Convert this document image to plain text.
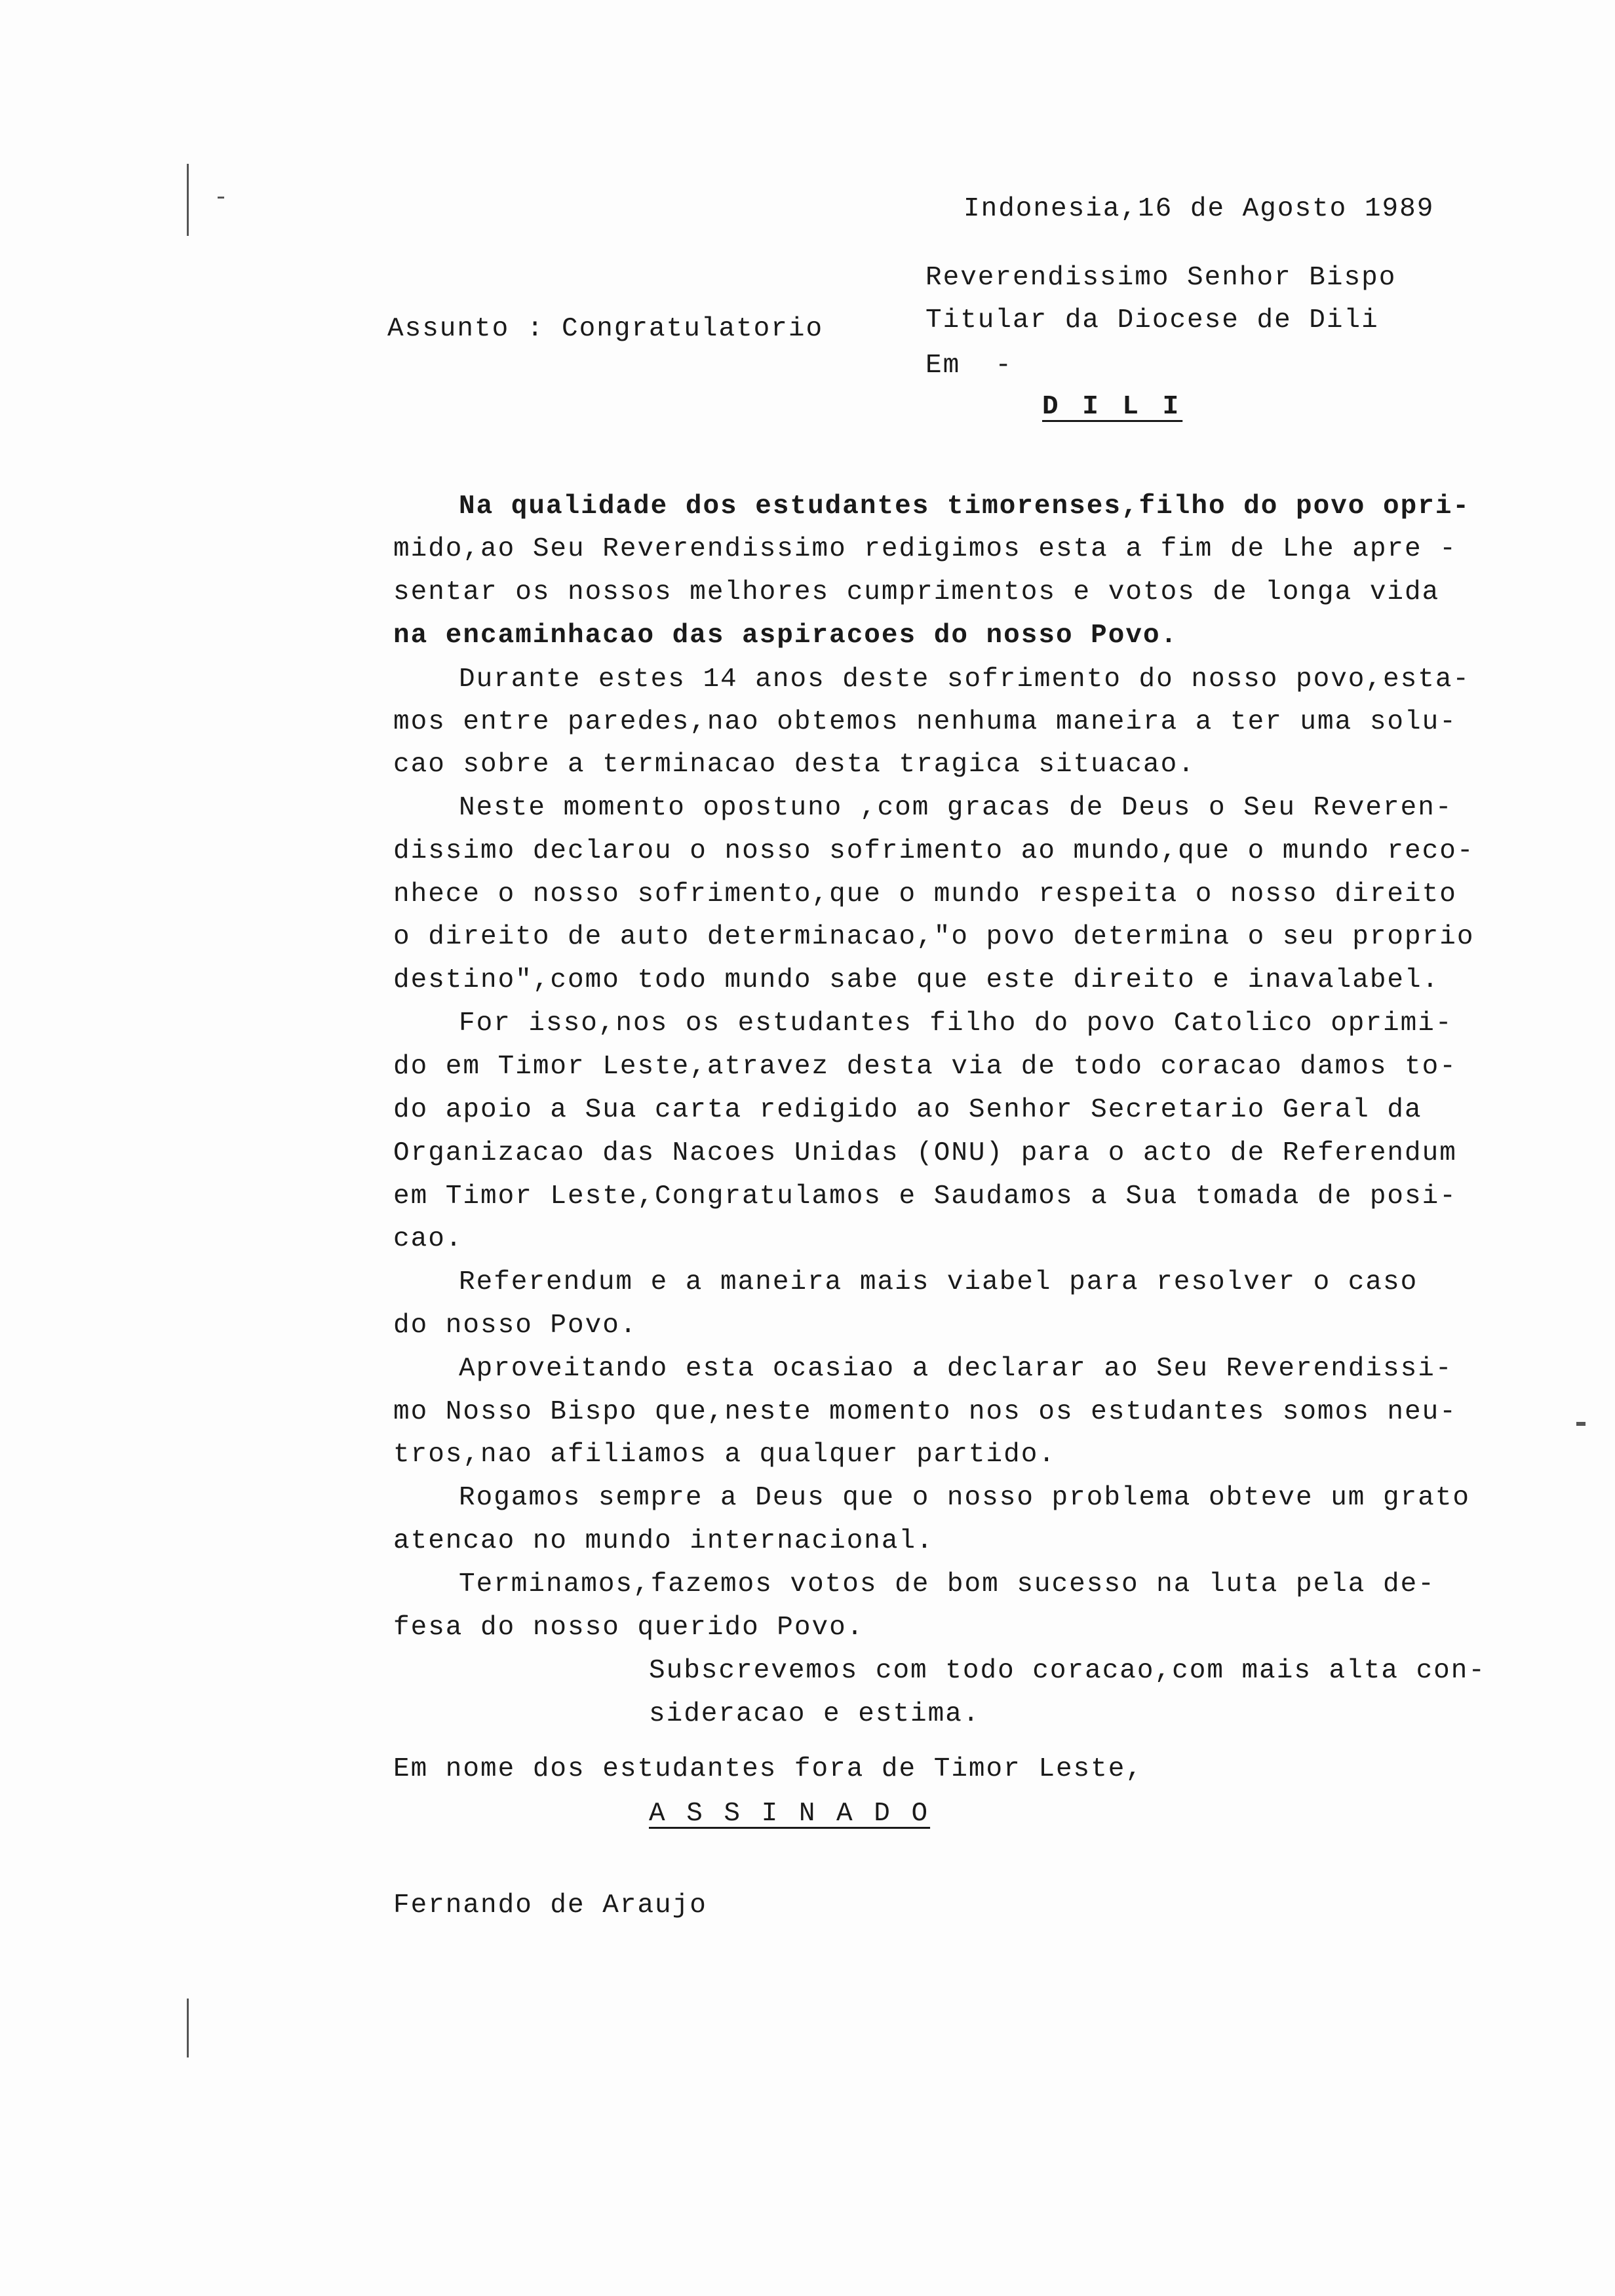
Indonesia,16 de Agosto 1989
Reverendissimo Senhor Bispo
Titular da Diocese de Dili
Em  -
D I L I
Assunto : Congratulatorio
Na qualidade dos estudantes timorenses,filho do povo opri-
mido,ao Seu Reverendissimo redigimos esta a fim de Lhe apre -
sentar os nossos melhores cumprimentos e votos de longa vida
na encaminhacao das aspiracoes do nosso Povo.
Durante estes 14 anos deste sofrimento do nosso povo,esta-
mos entre paredes,nao obtemos nenhuma maneira a ter uma solu-
cao sobre a terminacao desta tragica situacao.
Neste momento opostuno ,com gracas de Deus o Seu Reveren-
dissimo declarou o nosso sofrimento ao mundo,que o mundo reco-
nhece o nosso sofrimento,que o mundo respeita o nosso direito
o direito de auto determinacao,"o povo determina o seu proprio
destino",como todo mundo sabe que este direito e inavalabel.
For isso,nos os estudantes filho do povo Catolico oprimi-
do em Timor Leste,atravez desta via de todo coracao damos to-
do apoio a Sua carta redigido ao Senhor Secretario Geral da
Organizacao das Nacoes Unidas (ONU) para o acto de Referendum
em Timor Leste,Congratulamos e Saudamos a Sua tomada de posi-
cao.
Referendum e a maneira mais viabel para resolver o caso
do nosso Povo.
Aproveitando esta ocasiao a declarar ao Seu Reverendissi-
mo Nosso Bispo que,neste momento nos os estudantes somos neu-
tros,nao afiliamos a qualquer partido.
Rogamos sempre a Deus que o nosso problema obteve um grato
atencao no mundo internacional.
Terminamos,fazemos votos de bom sucesso na luta pela de-
fesa do nosso querido Povo.
Subscrevemos com todo coracao,com mais alta con-
sideracao e estima.
Em nome dos estudantes fora de Timor Leste,
A S S I N A D O
Fernando de Araujo
